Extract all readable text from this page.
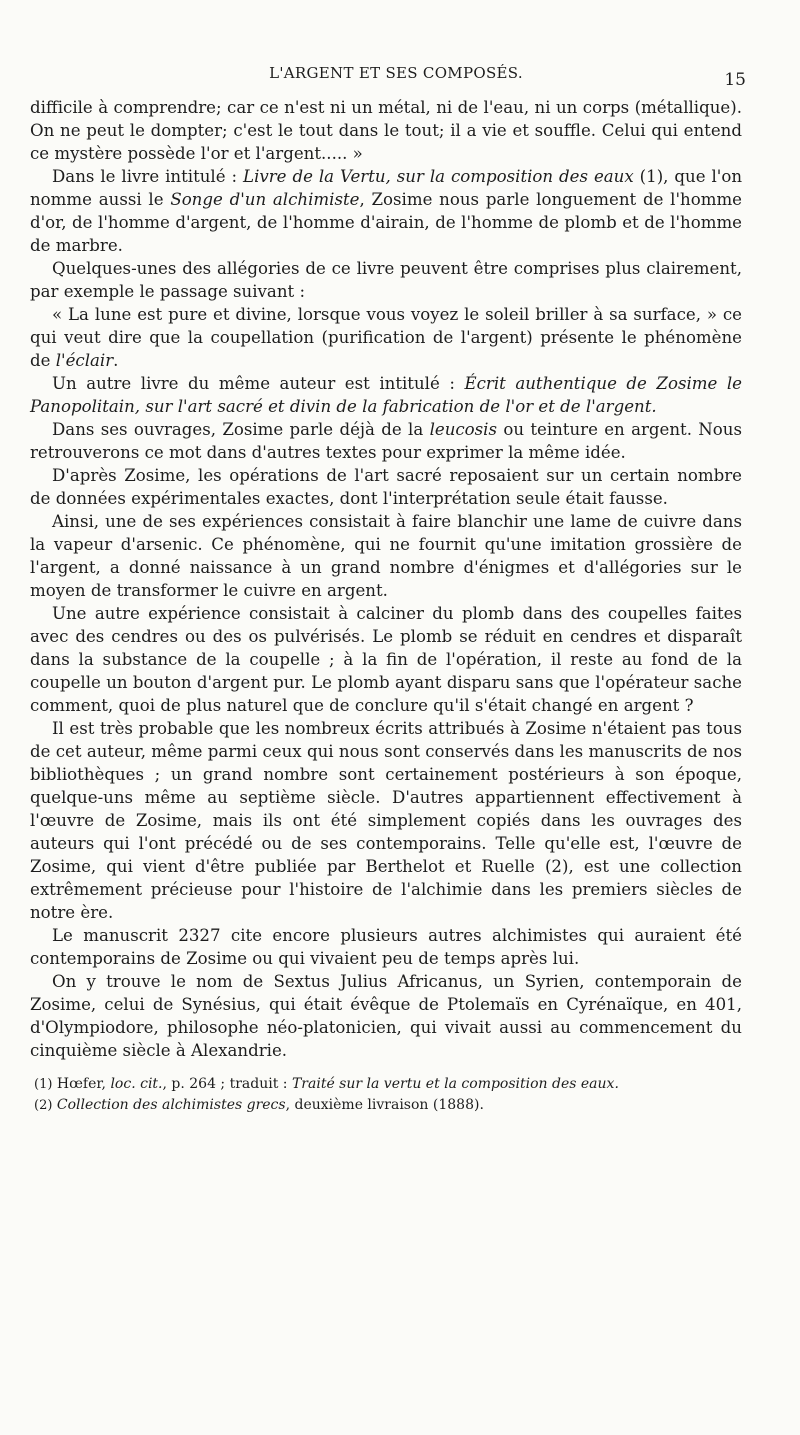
L'ARGENT ET SES COMPOSÉS.	15

difficile à comprendre; car ce n'est ni un métal, ni de l'eau, ni un corps (métallique). On ne peut le dompter; c'est le tout dans le tout; il a vie et souffle. Celui qui entend ce mystère possède l'or et l'argent..... »

Dans le livre intitulé : Livre de la Vertu, sur la composition des eaux (1), que l'on nomme aussi le Songe d'un alchimiste, Zosime nous parle longuement de l'homme d'or, de l'homme d'argent, de l'homme d'airain, de l'homme de plomb et de l'homme de marbre.

Quelques-unes des allégories de ce livre peuvent être comprises plus clairement, par exemple le passage suivant :

« La lune est pure et divine, lorsque vous voyez le soleil briller à sa surface, » ce qui veut dire que la coupellation (purification de l'argent) présente le phénomène de l'éclair.

Un autre livre du même auteur est intitulé : Écrit authentique de Zosime le Panopolitain, sur l'art sacré et divin de la fabrication de l'or et de l'argent.

Dans ses ouvrages, Zosime parle déjà de la leucosis ou teinture en argent. Nous retrouverons ce mot dans d'autres textes pour exprimer la même idée.

D'après Zosime, les opérations de l'art sacré reposaient sur un certain nombre de données expérimentales exactes, dont l'interprétation seule était fausse.

Ainsi, une de ses expériences consistait à faire blanchir une lame de cuivre dans la vapeur d'arsenic. Ce phénomène, qui ne fournit qu'une imitation grossière de l'argent, a donné naissance à un grand nombre d'énigmes et d'allégories sur le moyen de transformer le cuivre en argent.

Une autre expérience consistait à calciner du plomb dans des coupelles faites avec des cendres ou des os pulvérisés. Le plomb se réduit en cendres et disparaît dans la substance de la coupelle ; à la fin de l'opération, il reste au fond de la coupelle un bouton d'argent pur. Le plomb ayant disparu sans que l'opérateur sache comment, quoi de plus naturel que de conclure qu'il s'était changé en argent ?

Il est très probable que les nombreux écrits attribués à Zosime n'étaient pas tous de cet auteur, même parmi ceux qui nous sont conservés dans les manuscrits de nos bibliothèques ; un grand nombre sont certainement postérieurs à son époque, quelque-uns même au septième siècle. D'autres appartiennent effectivement à l'œuvre de Zosime, mais ils ont été simplement copiés dans les ouvrages des auteurs qui l'ont précédé ou de ses contemporains. Telle qu'elle est, l'œuvre de Zosime, qui vient d'être publiée par Berthelot et Ruelle (2), est une collection extrêmement précieuse pour l'histoire de l'alchimie dans les premiers siècles de notre ère.

Le manuscrit 2327 cite encore plusieurs autres alchimistes qui auraient été contemporains de Zosime ou qui vivaient peu de temps après lui.

On y trouve le nom de Sextus Julius Africanus, un Syrien, contemporain de Zosime, celui de Synésius, qui était évêque de Ptolemaïs en Cyrénaïque, en 401, d'Olympiodore, philosophe néo-platonicien, qui vivait aussi au commencement du cinquième siècle à Alexandrie.

(1) Hœfer, loc. cit., p. 264 ; traduit : Traité sur la vertu et la composition des eaux.
(2) Collection des alchimistes grecs, deuxième livraison (1888).
